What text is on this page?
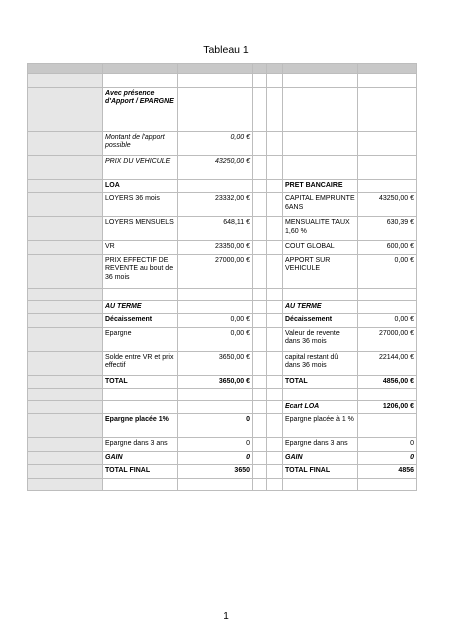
Tableau 1

	Avec présence d'Apport / EPARGNE					
	Montant de l'apport possible	0,00 €				
	PRIX DU VEHICULE	43250,00 €				
	LOA				PRET BANCAIRE	
	LOYERS 36 mois	23332,00 €			CAPITAL EMPRUNTE 6ANS	43250,00 €
	LOYERS MENSUELS	648,11 €			MENSUALITE TAUX 1,60 %	630,39 €
	VR	23350,00 €			COUT GLOBAL	600,00 €
	PRIX EFFECTIF DE REVENTE au bout de 36 mois	27000,00 €			APPORT SUR VEHICULE	0,00 €

	AU TERME				AU TERME	
	Décaissement	0,00 €			Décaissement	0,00 €
	Epargne	0,00 €			Valeur de revente dans 36 mois	27000,00 €
	Solde entre VR et prix effectif	3650,00 €			capital restant dû dans 36 mois	22144,00 €
	TOTAL	3650,00 €			TOTAL	4856,00 €

					Ecart LOA	1206,00 €
	Epargne placée 1%	0			Epargne placée à 1 %	
	Epargne dans 3 ans	0			Epargne dans 3 ans	0
	GAIN	0			GAIN	0
	TOTAL FINAL	3650			TOTAL FINAL	4856

1
